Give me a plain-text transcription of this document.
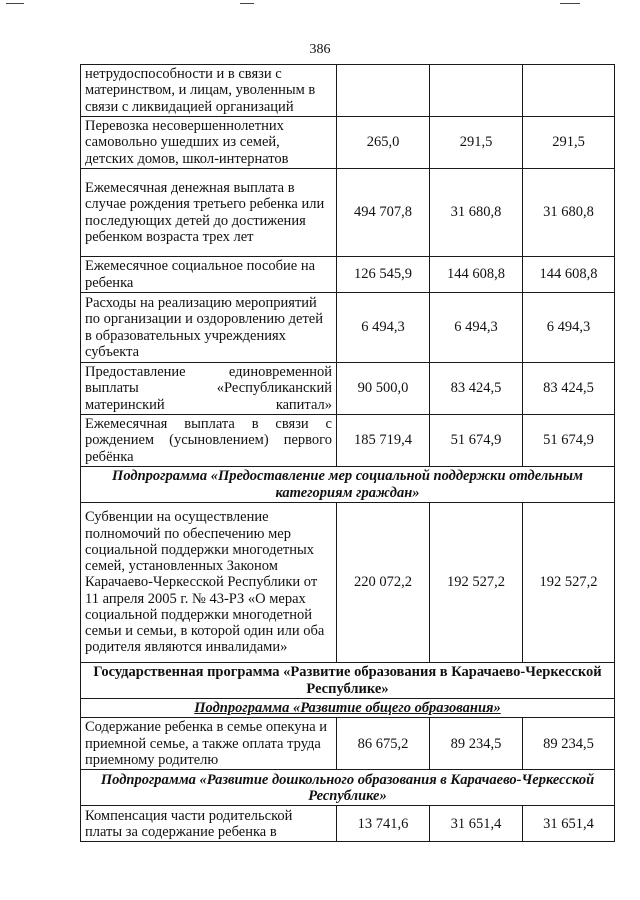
386
нетрудоспособности и в связи с материнством, и лицам, уволенным в связи с ликвидацией организаций			
Перевозка несовершеннолетних самовольно ушедших из семей, детских домов, школ-интернатов	265,0	291,5	291,5
Ежемесячная денежная выплата в случае рождения третьего ребенка или последующих детей до достижения ребенком возраста трех лет	494 707,8	31 680,8	31 680,8
Ежемесячное социальное пособие на ребенка	126 545,9	144 608,8	144 608,8
Расходы на реализацию мероприятий по организации и оздоровлению детей в образовательных учреждениях субъекта	6 494,3	6 494,3	6 494,3
Предоставление единовременной выплаты «Республиканский материнский капитал»	90 500,0	83 424,5	83 424,5
Ежемесячная выплата в связи с рождением (усыновлением) первого ребёнка	185 719,4	51 674,9	51 674,9
Подпрограмма «Предоставление мер социальной поддержки отдельным категориям граждан»			
Субвенции на осуществление полномочий по обеспечению мер социальной поддержки многодетных семей, установленных Законом Карачаево-Черкесской Республики от 11 апреля 2005 г. № 43-РЗ «О мерах социальной поддержки многодетной семьи и семьи, в которой один или оба родителя являются инвалидами»	220 072,2	192 527,2	192 527,2
Государственная программа «Развитие образования в Карачаево-Черкесской Республике»			
Подпрограмма «Развитие общего образования»			
Содержание ребенка в семье опекуна и приемной семье, а также оплата труда приемному родителю	86 675,2	89 234,5	89 234,5
Подпрограмма «Развитие дошкольного образования в Карачаево-Черкесской Республике»			
Компенсация части родительской платы за содержание ребенка в	13 741,6	31 651,4	31 651,4
